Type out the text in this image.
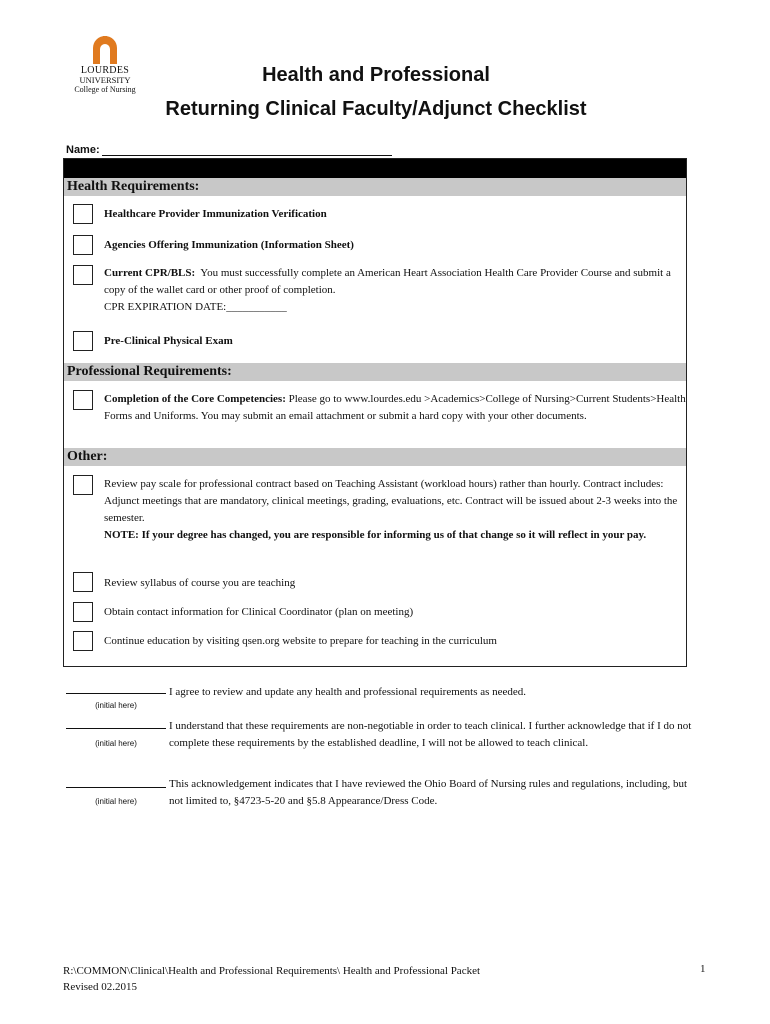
LOURDES
UNIVERSITY
College of Nursing
Health and Professional
Returning Clinical Faculty/Adjunct Checklist
Name:
Health Requirements:
Healthcare Provider Immunization Verification
Agencies Offering Immunization (Information Sheet)
Current CPR/BLS: You must successfully complete an American Heart Association Health Care Provider Course and submit a copy of the wallet card or other proof of completion.
CPR EXPIRATION DATE:___________
Pre-Clinical Physical Exam
Professional Requirements:
Completion of the Core Competencies: Please go to www.lourdes.edu >Academics>College of Nursing>Current Students>Health Forms and Uniforms. You may submit an email attachment or submit a hard copy with your other documents.
Other:
Review pay scale for professional contract based on Teaching Assistant (workload hours) rather than hourly. Contract includes: Adjunct meetings that are mandatory, clinical meetings, grading, evaluations, etc. Contract will be issued about 2-3 weeks into the semester.
NOTE: If your degree has changed, you are responsible for informing us of that change so it will reflect in your pay.
Review syllabus of course you are teaching
Obtain contact information for Clinical Coordinator (plan on meeting)
Continue education by visiting qsen.org website to prepare for teaching in the curriculum
(initial here)
I agree to review and update any health and professional requirements as needed.
(initial here)
I understand that these requirements are non-negotiable in order to teach clinical. I further acknowledge that if I do not complete these requirements by the established deadline, I will not be allowed to teach clinical.
(initial here)
This acknowledgement indicates that I have reviewed the Ohio Board of Nursing rules and regulations, including, but not limited to, §4723-5-20 and §5.8 Appearance/Dress Code.
R:\COMMON\Clinical\Health and Professional Requirements\ Health and Professional Packet
Revised 02.2015
1
